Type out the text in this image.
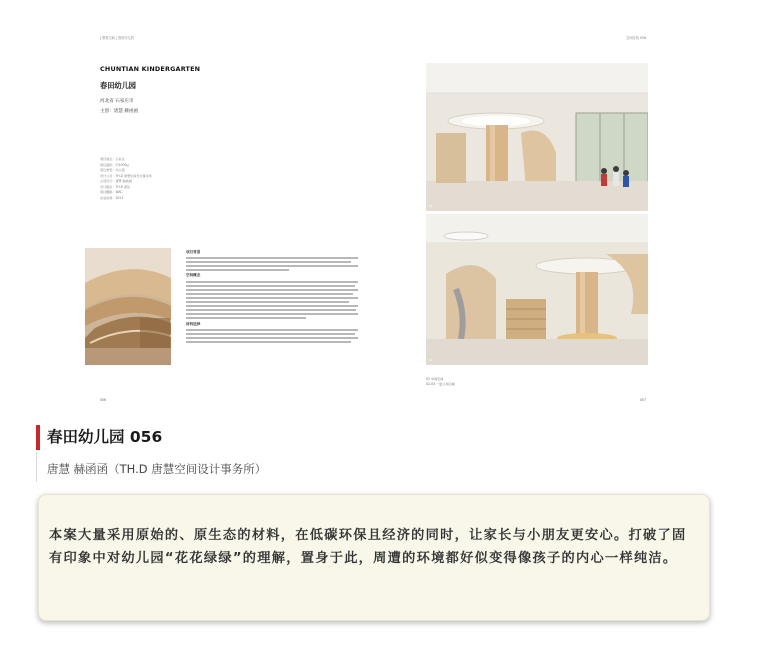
| 教育空间 | 春田幼儿园
CHUNTIAN KINDERGARTEN
春田幼儿园
河北省 石家庄市
主创：唐慧 赫函函
项目地点：石家庄
项目面积：约1000㎡
项目类型：幼儿园
设计公司：TH.D 唐慧空间设计事务所
主创设计：唐慧 赫函函
设计团队：TH.D 团队
项目摄影：WAC
完成时间：2023
项目背景
空间概念
材料选择
056
空间在线 056
01
02
01 中庭空间
02-03 一层公共区域
057
春田幼儿园 056
唐慧 赫函函（TH.D 唐慧空间设计事务所）
本案大量采用原始的、原生态的材料，在低碳环保且经济的同时，让家长与小朋友更安心。打破了固有印象中对幼儿园“花花绿绿”的理解，置身于此，周遭的环境都好似变得像孩子的内心一样纯洁。
